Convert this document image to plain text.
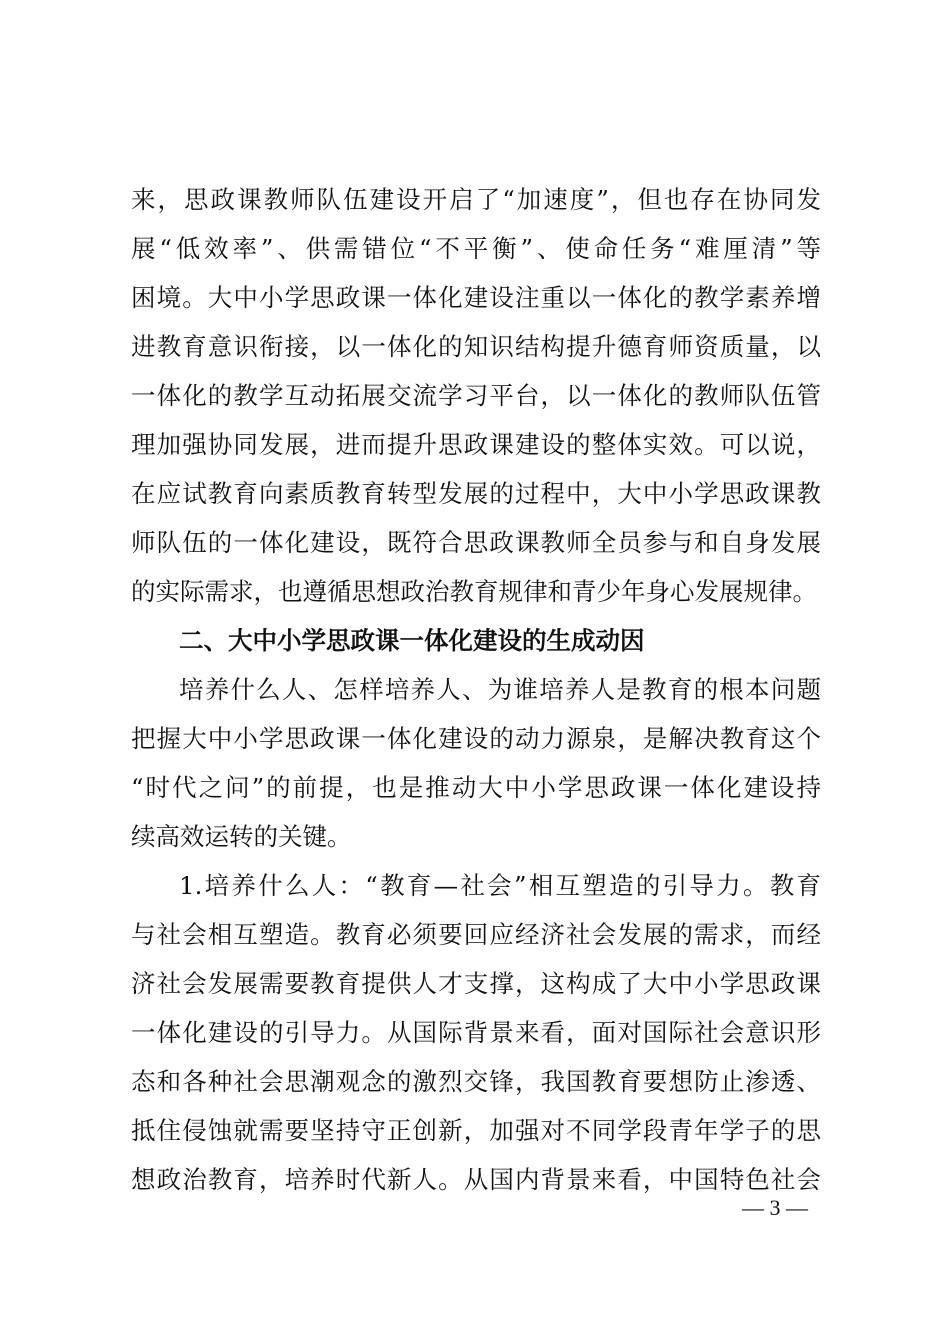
来，思政课教师队伍建设开启了“加速度”，但也存在协同发
展“低效率”、供需错位“不平衡”、使命任务“难厘清”等
困境。大中小学思政课一体化建设注重以一体化的教学素养增
进教育意识衔接，以一体化的知识结构提升德育师资质量，以
一体化的教学互动拓展交流学习平台，以一体化的教师队伍管
理加强协同发展，进而提升思政课建设的整体实效。可以说，
在应试教育向素质教育转型发展的过程中，大中小学思政课教
师队伍的一体化建设，既符合思政课教师全员参与和自身发展
的实际需求，也遵循思想政治教育规律和青少年身心发展规律。
二、大中小学思政课一体化建设的生成动因
培养什么人、怎样培养人、为谁培养人是教育的根本问题
把握大中小学思政课一体化建设的动力源泉，是解决教育这个
“时代之问”的前提，也是推动大中小学思政课一体化建设持
续高效运转的关键。
1.培养什么人：“教育—社会”相互塑造的引导力。教育
与社会相互塑造。教育必须要回应经济社会发展的需求，而经
济社会发展需要教育提供人才支撑，这构成了大中小学思政课
一体化建设的引导力。从国际背景来看，面对国际社会意识形
态和各种社会思潮观念的激烈交锋，我国教育要想防止渗透、
抵住侵蚀就需要坚持守正创新，加强对不同学段青年学子的思
想政治教育，培养时代新人。从国内背景来看，中国特色社会
— 3 —
